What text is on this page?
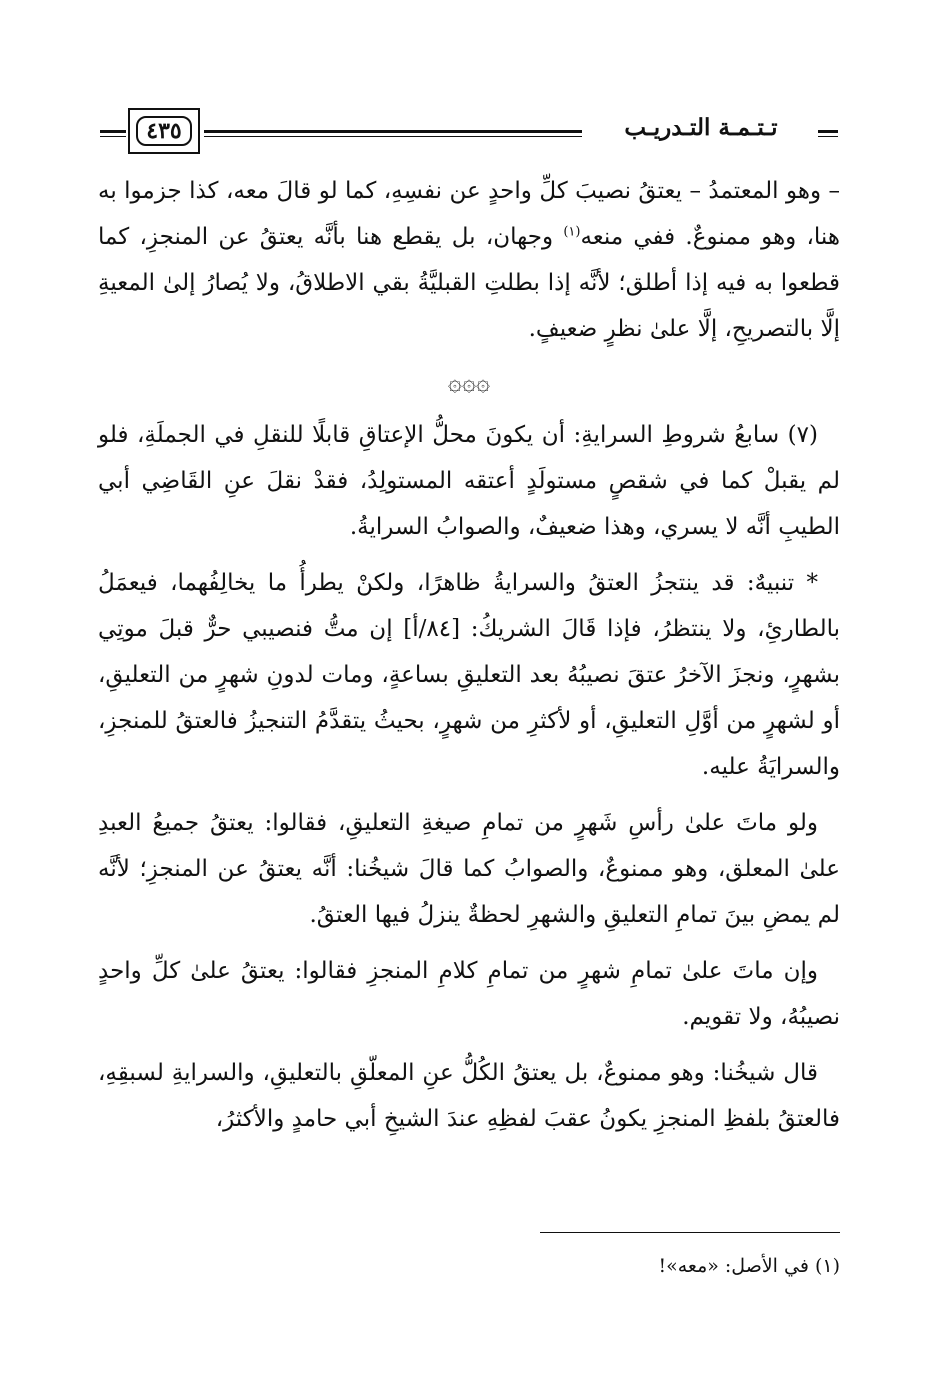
٤٣٥	تـتـمـة التـدريـب

– وهو المعتمدُ – يعتقُ نصيبَ كلِّ واحدٍ عن نفسِهِ، كما لو قالَ معه، كذا جزموا به هنا، وهو ممنوعٌ. ففي منعه$^{(١)}$ وجهان، بل يقطع هنا بأنَّه يعتقُ عن المنجزِ، كما قطعوا به فيه إذا أطلق؛ لأنَّه إذا بطلتِ القبليَّةُ بقي الاطلاقُ، ولا يُصارُ إلىٰ المعيةِ إلَّا بالتصريحِ، إلَّا علىٰ نظرٍ ضعيفٍ.

۞۞۞

(٧) سابعُ شروطِ السرايةِ: أن يكونَ محلُّ الإعتاقِ قابلًا للنقلِ في الجملَةِ، فلو لم يقبلْ كما في شقصٍ مستولَدٍ أعتقه المستولِدُ، فقدْ نقلَ عنِ القَاضِي أبي الطيبِ أنَّه لا يسري، وهذا ضعيفٌ، والصوابُ السرايةُ.

* تنبيهٌ: قد ينتجزُ العتقُ والسرايةُ ظاهرًا، ولكنْ يطرأُ ما يخالِفُهما، فيعمَلُ بالطارئِ، ولا ينتظرُ، فإذا قَالَ الشريكُ: [٨٤/أ] إن متُّ فنصيبي حرٌّ قبلَ موتِي بشهرٍ، ونجزَ الآخرُ عتقَ نصيبُهُ بعد التعليقِ بساعةٍ، ومات لدونِ شهرٍ من التعليقِ، أو لشهرٍ من أوَّلِ التعليقِ، أو لأكثرِ من شهرٍ، بحيثُ يتقدَّمُ التنجيزُ فالعتقُ للمنجزِ، والسرايَةُ عليه.

ولو ماتَ علىٰ رأسِ شَهرٍ من تمامِ صيغةِ التعليقِ، فقالوا: يعتقُ جميعُ العبدِ علىٰ المعلق، وهو ممنوعٌ، والصوابُ كما قالَ شيخُنا: أنَّه يعتقُ عن المنجزِ؛ لأنَّه لم يمضِ بينَ تمامِ التعليقِ والشهرِ لحظةٌ ينزلُ فيها العتقُ.

وإن ماتَ علىٰ تمامِ شهرٍ من تمامِ كلامِ المنجزِ فقالوا: يعتقُ علىٰ كلِّ واحدٍ نصيبُهُ، ولا تقويم.

قال شيخُنا: وهو ممنوعٌ، بل يعتقُ الكُلُّ عنِ المعلّقِ بالتعليقِ، والسرايةِ لسبقِهِ، فالعتقُ بلفظِ المنجزِ يكونُ عقبَ لفظِهِ عندَ الشيخِ أبي حامدٍ والأكثرُ،

(١) في الأصل: «معه»!
